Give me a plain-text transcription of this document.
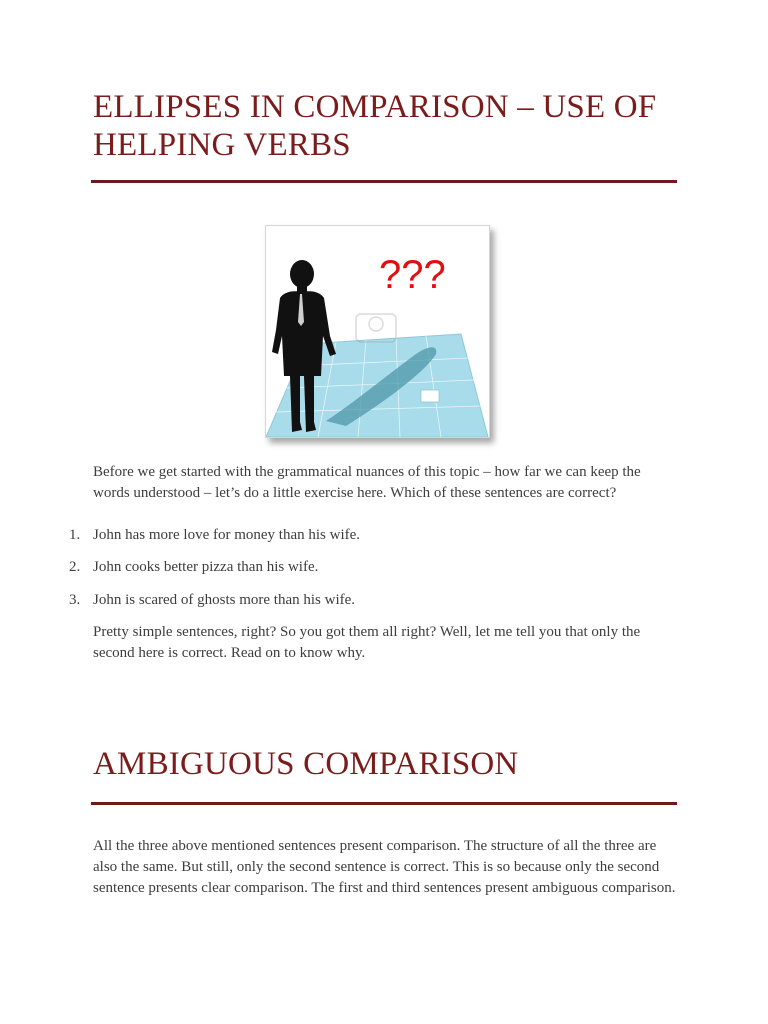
ELLIPSES IN COMPARISON – USE OF HELPING VERBS
???

Before we get started with the grammatical nuances of this topic – how far we can keep the words understood – let’s do a little exercise here. Which of these sentences are correct?

1. John has more love for money than his wife.
2. John cooks better pizza than his wife.
3. John is scared of ghosts more than his wife.

Pretty simple sentences, right? So you got them all right? Well, let me tell you that only the second here is correct. Read on to know why.

AMBIGUOUS COMPARISON

All the three above mentioned sentences present comparison. The structure of all the three are also the same. But still, only the second sentence is correct. This is so because only the second sentence presents clear comparison. The first and third sentences present ambiguous comparison.
